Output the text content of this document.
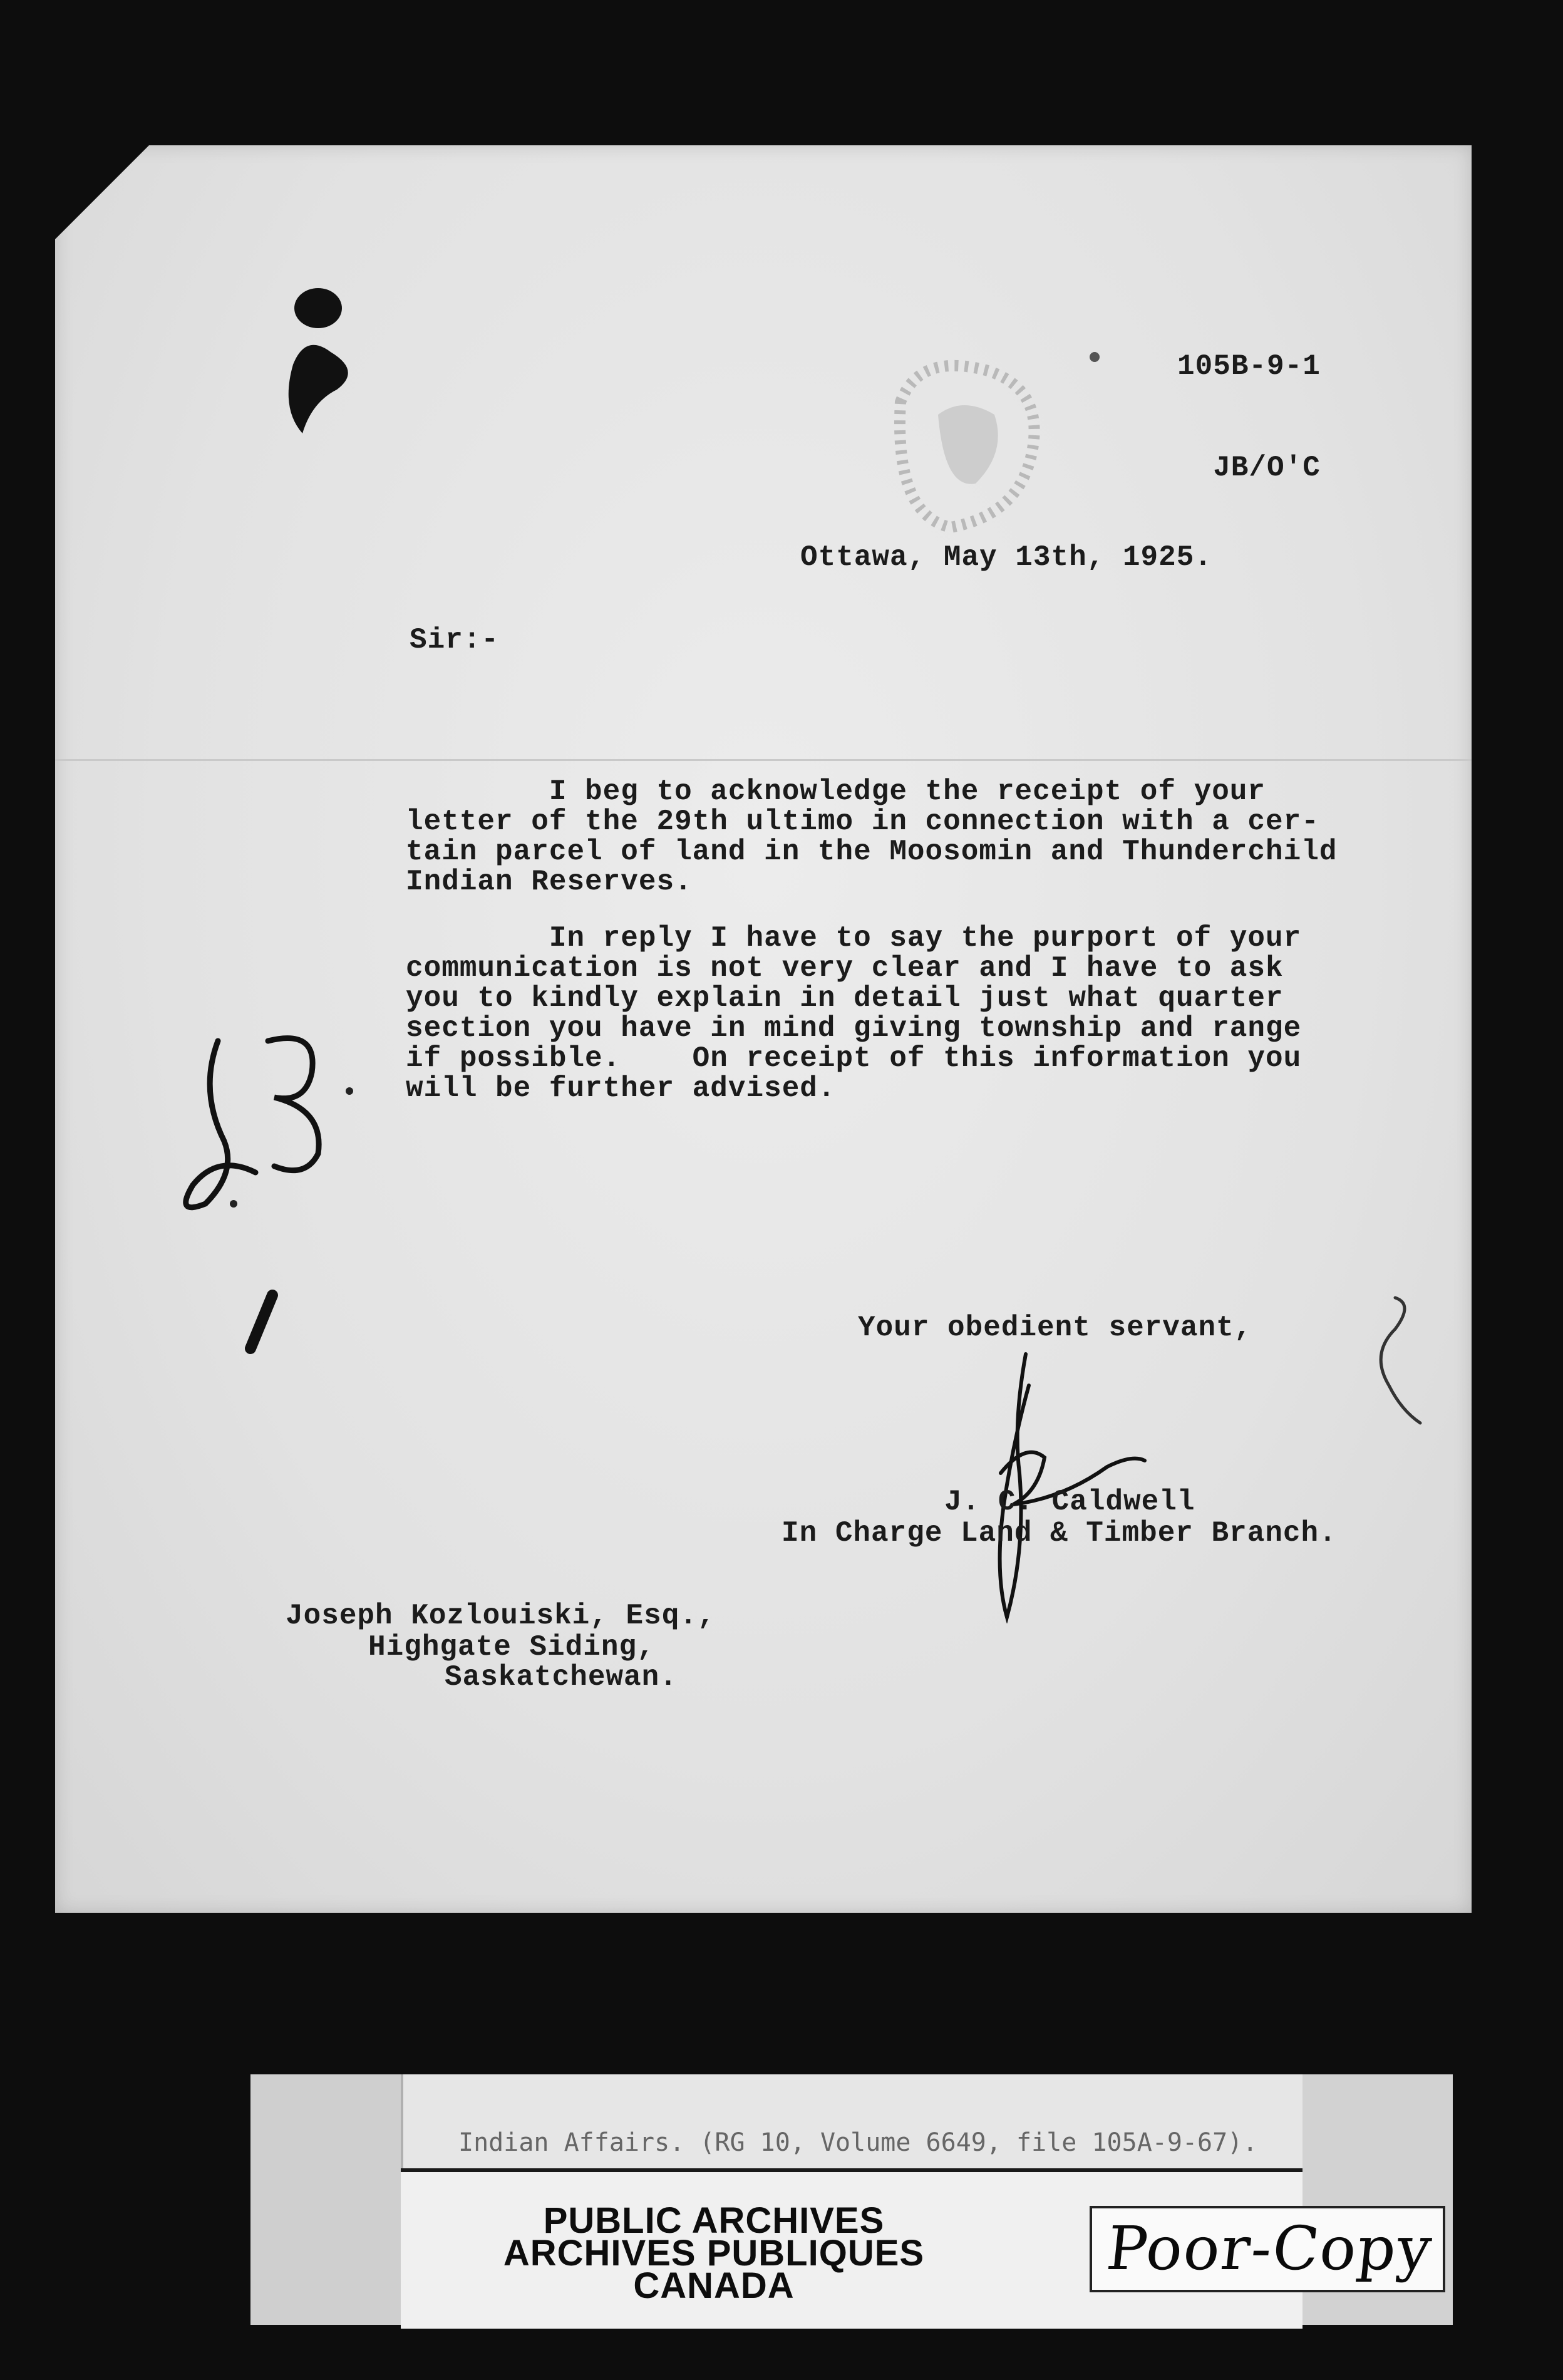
105B-9-1

JB/O'C

Ottawa, May 13th, 1925.
Sir:-
I beg to acknowledge the receipt of your
letter of the 29th ultimo in connection with a cer-
tain parcel of land in the Moosomin and Thunderchild
Indian Reserves.
In reply I have to say the purport of your
communication is not very clear and I have to ask
you to kindly explain in detail just what quarter
section you have in mind giving township and range
if possible.    On receipt of this information you
will be further advised.
Your obedient servant,
J. C. Caldwell
In Charge Land & Timber Branch.
Joseph Kozlouiski, Esq.,
Highgate Siding,
Saskatchewan.
Indian Affairs. (RG 10, Volume 6649, file 105A-9-67).
PUBLIC ARCHIVES
ARCHIVES PUBLIQUES
CANADA
Poor-Copy
